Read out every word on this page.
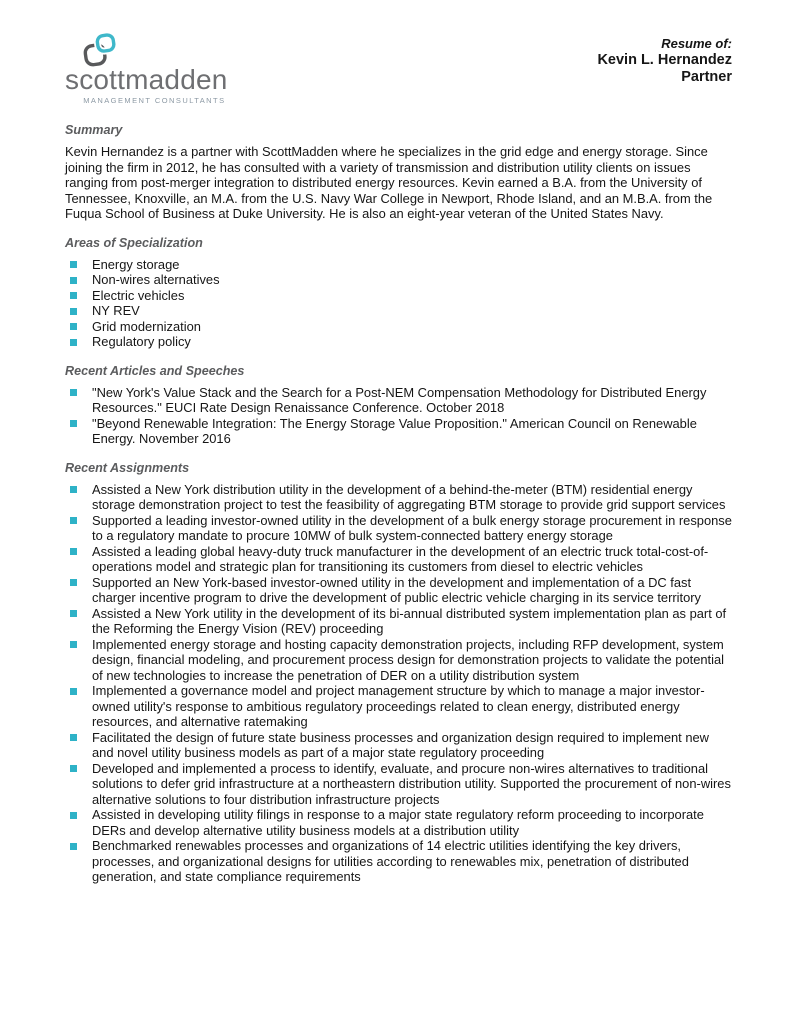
scottmadden
MANAGEMENT CONSULTANTS
Resume of:
Kevin L. Hernandez
Partner
Summary

Kevin Hernandez is a partner with ScottMadden where he specializes in the grid edge and energy storage. Since joining the firm in 2012, he has consulted with a variety of transmission and distribution utility clients on issues ranging from post-merger integration to distributed energy resources. Kevin earned a B.A. from the University of Tennessee, Knoxville, an M.A. from the U.S. Navy War College in Newport, Rhode Island, and an M.B.A. from the Fuqua School of Business at Duke University. He is also an eight-year veteran of the United States Navy.

Areas of Specialization
Energy storage
Non-wires alternatives
Electric vehicles
NY REV
Grid modernization
Regulatory policy
Recent Articles and Speeches
"New York's Value Stack and the Search for a Post-NEM Compensation Methodology for Distributed Energy Resources." EUCI Rate Design Renaissance Conference. October 2018
"Beyond Renewable Integration: The Energy Storage Value Proposition." American Council on Renewable Energy. November 2016
Recent Assignments
Assisted a New York distribution utility in the development of a behind-the-meter (BTM) residential energy storage demonstration project to test the feasibility of aggregating BTM storage to provide grid support services
Supported a leading investor-owned utility in the development of a bulk energy storage procurement in response to a regulatory mandate to procure 10MW of bulk system-connected battery energy storage
Assisted a leading global heavy-duty truck manufacturer in the development of an electric truck total-cost-of-operations model and strategic plan for transitioning its customers from diesel to electric vehicles
Supported an New York-based investor-owned utility in the development and implementation of a DC fast charger incentive program to drive the development of public electric vehicle charging in its service territory
Assisted a New York utility in the development of its bi-annual distributed system implementation plan as part of the Reforming the Energy Vision (REV) proceeding
Implemented energy storage and hosting capacity demonstration projects, including RFP development, system design, financial modeling, and procurement process design for demonstration projects to validate the potential of new technologies to increase the penetration of DER on a utility distribution system
Implemented a governance model and project management structure by which to manage a major investor-owned utility's response to ambitious regulatory proceedings related to clean energy, distributed energy resources, and alternative ratemaking
Facilitated the design of future state business processes and organization design required to implement new and novel utility business models as part of a major state regulatory proceeding
Developed and implemented a process to identify, evaluate, and procure non-wires alternatives to traditional solutions to defer grid infrastructure at a northeastern distribution utility. Supported the procurement of non-wires alternative solutions to four distribution infrastructure projects
Assisted in developing utility filings in response to a major state regulatory reform proceeding to incorporate DERs and develop alternative utility business models at a distribution utility
Benchmarked renewables processes and organizations of 14 electric utilities identifying the key drivers, processes, and organizational designs for utilities according to renewables mix, penetration of distributed generation, and state compliance requirements
